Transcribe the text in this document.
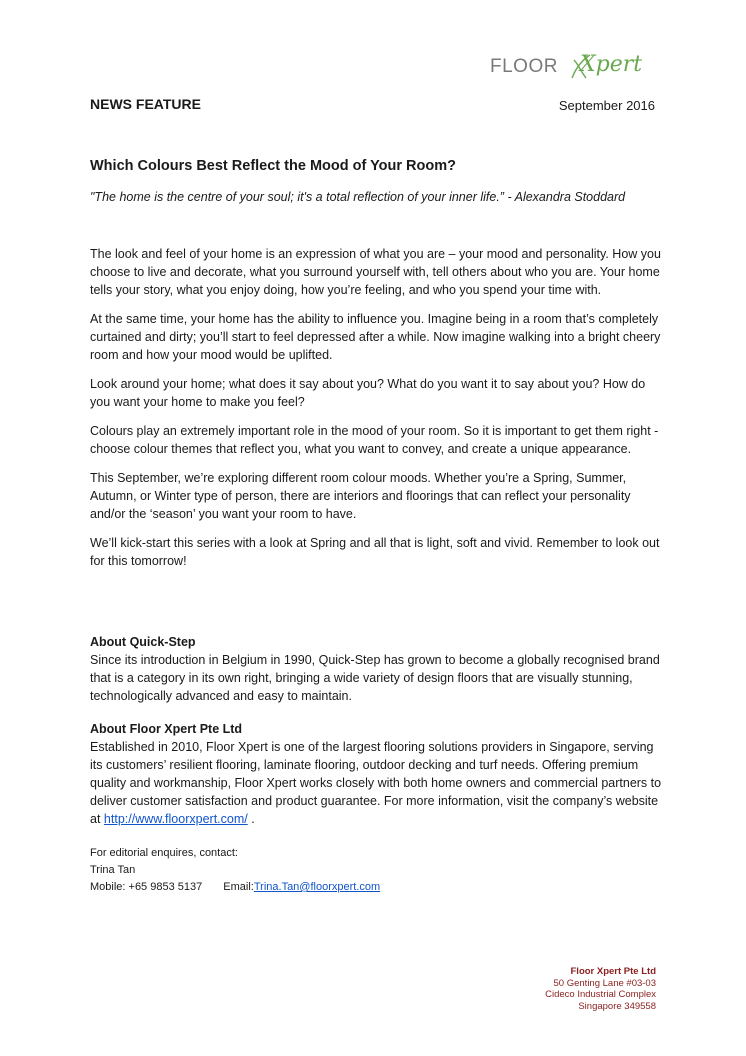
FLOOR Xpert
NEWS FEATURE	September 2016
Which Colours Best Reflect the Mood of Your Room?
"The home is the centre of your soul; it's a total reflection of your inner life.” - Alexandra Stoddard

The look and feel of your home is an expression of what you are – your mood and personality. How you choose to live and decorate, what you surround yourself with, tell others about who you are. Your home tells your story, what you enjoy doing, how you’re feeling, and who you spend your time with.

At the same time, your home has the ability to influence you. Imagine being in a room that’s completely curtained and dirty; you’ll start to feel depressed after a while. Now imagine walking into a bright cheery room and how your mood would be uplifted.

Look around your home; what does it say about you? What do you want it to say about you? How do you want your home to make you feel?

Colours play an extremely important role in the mood of your room. So it is important to get them right - choose colour themes that reflect you, what you want to convey, and create a unique appearance.

This September, we’re exploring different room colour moods. Whether you’re a Spring, Summer, Autumn, or Winter type of person, there are interiors and floorings that can reflect your personality and/or the ‘season’ you want your room to have.

We’ll kick-start this series with a look at Spring and all that is light, soft and vivid. Remember to look out for this tomorrow!

About Quick-Step

Since its introduction in Belgium in 1990, Quick-Step has grown to become a globally recognised brand that is a category in its own right, bringing a wide variety of design floors that are visually stunning, technologically advanced and easy to maintain.

About Floor Xpert Pte Ltd

Established in 2010, Floor Xpert is one of the largest flooring solutions providers in Singapore, serving its customers’ resilient flooring, laminate flooring, outdoor decking and turf needs. Offering premium quality and workmanship, Floor Xpert works closely with both home owners and commercial partners to deliver customer satisfaction and product guarantee. For more information, visit the company’s website at http://www.floorxpert.com/ .

For editorial enquires, contact:
Trina Tan
Mobile: +65 9853 5137 Email:Trina.Tan@floorxpert.com
Floor Xpert Pte Ltd
50 Genting Lane #03-03
Cideco Industrial Complex
Singapore 349558
